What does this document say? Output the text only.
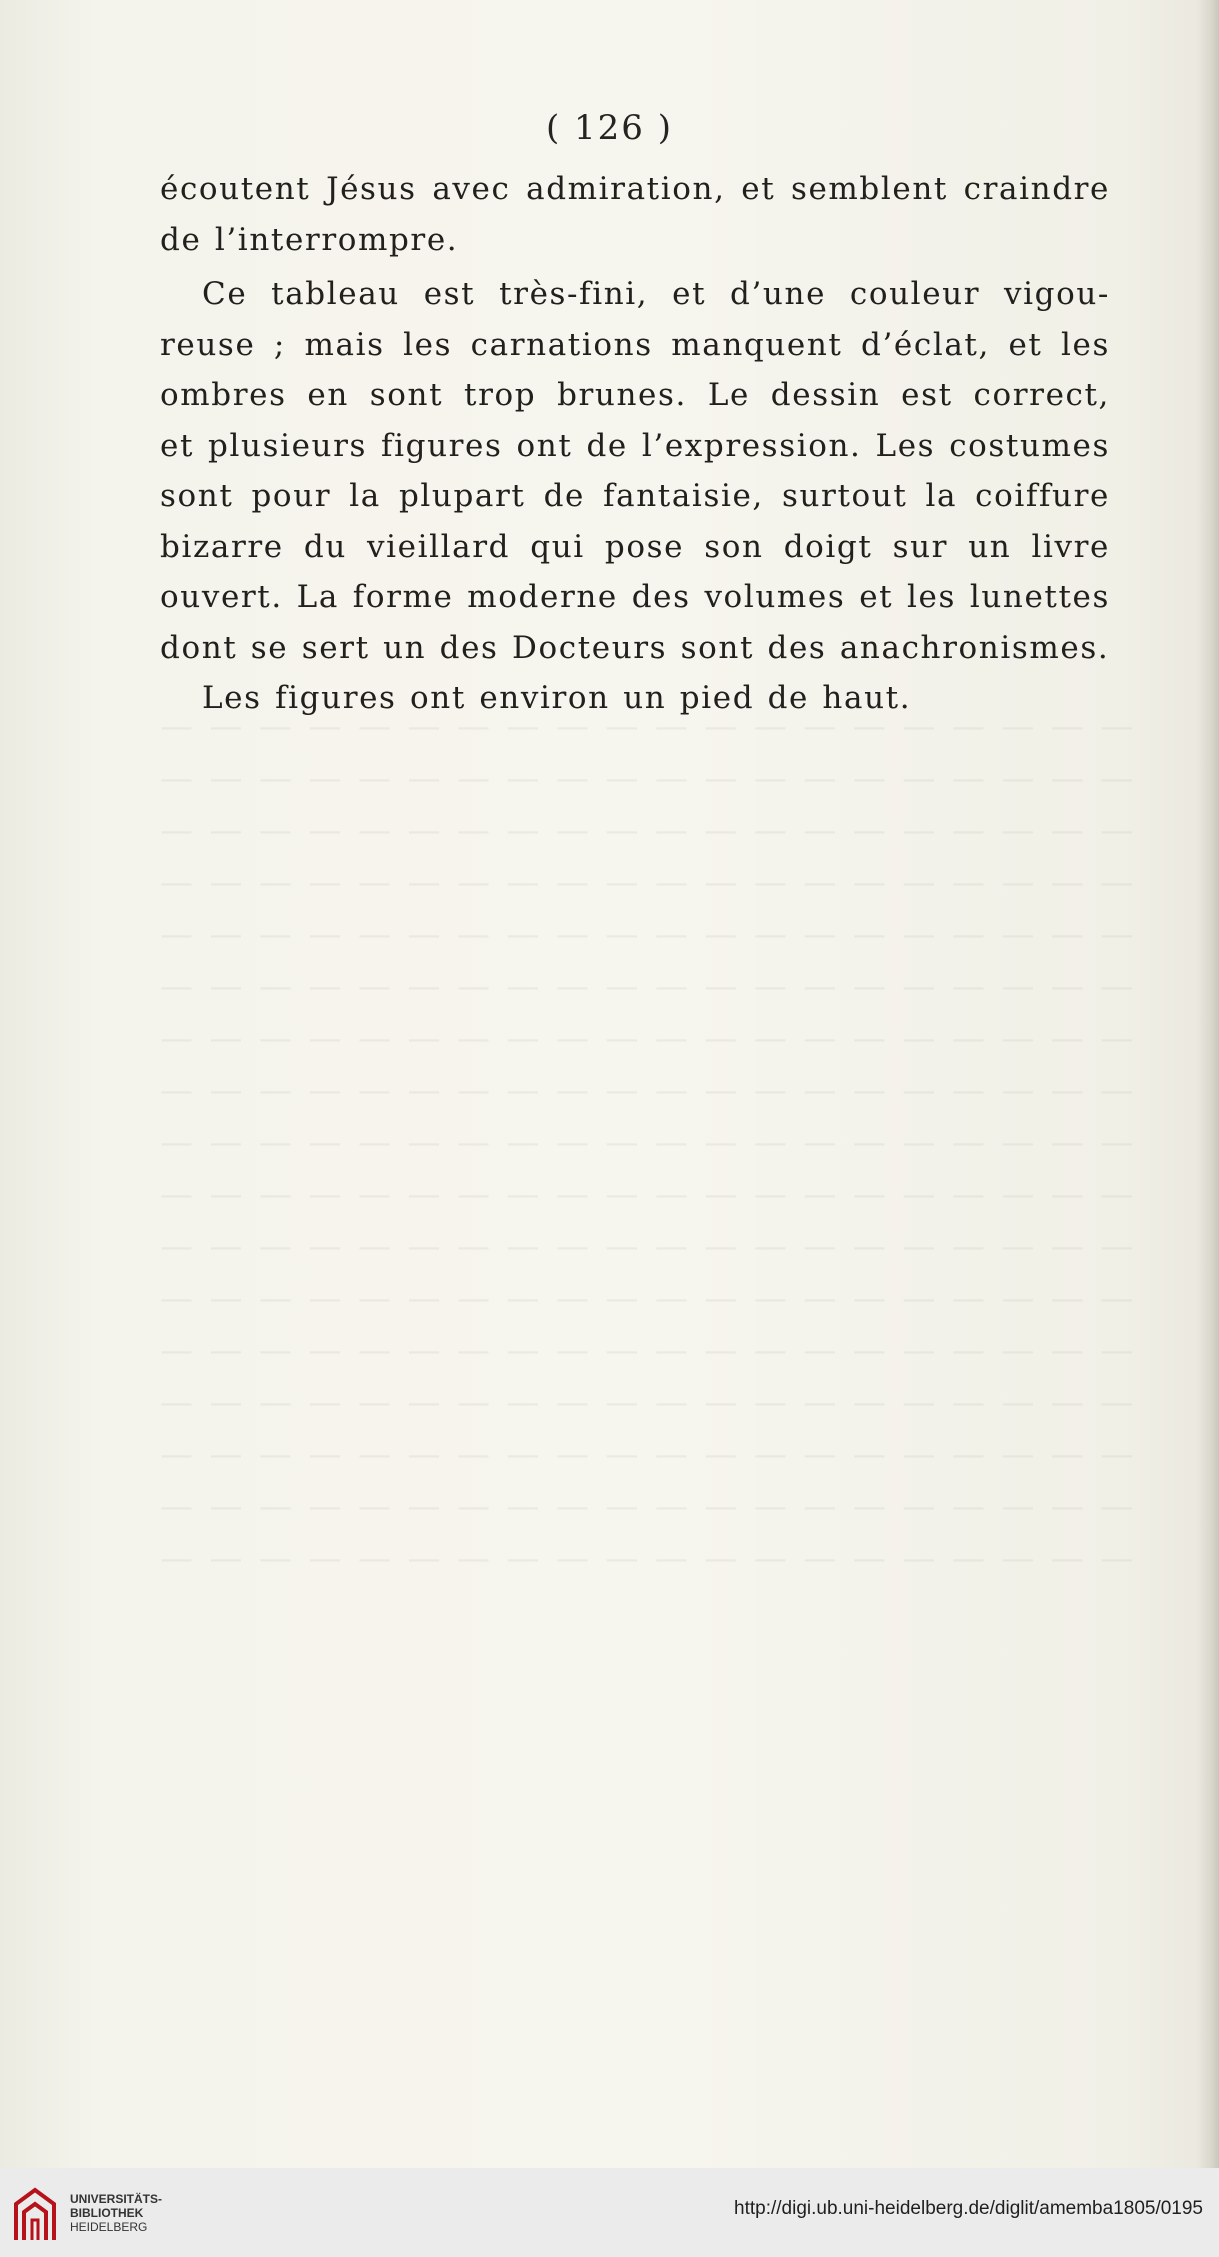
— — — — — — — — — — — — — — — — — — — —
— — — — — — — — — — — — — — — — — — — —
— — — — — — — — — — — — — — — — — — — —
— — — — — — — — — — — — — — — — — — — —
— — — — — — — — — — — — — — — — — — — —
— — — — — — — — — — — — — — — — — — — —
— — — — — — — — — — — — — — — — — — — —
— — — — — — — — — — — — — — — — — — — —
— — — — — — — — — — — — — — — — — — — —
— — — — — — — — — — — — — — — — — — — —
— — — — — — — — — — — — — — — — — — — —
— — — — — — — — — — — — — — — — — — — —
— — — — — — — — — — — — — — — — — — — —
— — — — — — — — — — — — — — — — — — — —
— — — — — — — — — — — — — — — — — — — —
— — — — — — — — — — — — — — — — — — — —
— — — — — — — — — — — — — — — — — — — —
( 126 )

écoutent Jésus avec admiration, et semblent craindre
de l’interrompre.

Ce tableau est très-fini, et d’une couleur vigou-
reuse ; mais les carnations manquent d’éclat, et les
ombres en sont trop brunes. Le dessin est correct,
et plusieurs figures ont de l’expression. Les costumes
sont pour la plupart de fantaisie, surtout la coiffure
bizarre du vieillard qui pose son doigt sur un livre
ouvert. La forme moderne des volumes et les lunettes
dont se sert un des Docteurs sont des anachronismes.

Les figures ont environ un pied de haut.

UNIVERSITÄTS-
BIBLIOTHEK
HEIDELBERG
http://digi.ub.uni-heidelberg.de/diglit/amemba1805/0195
